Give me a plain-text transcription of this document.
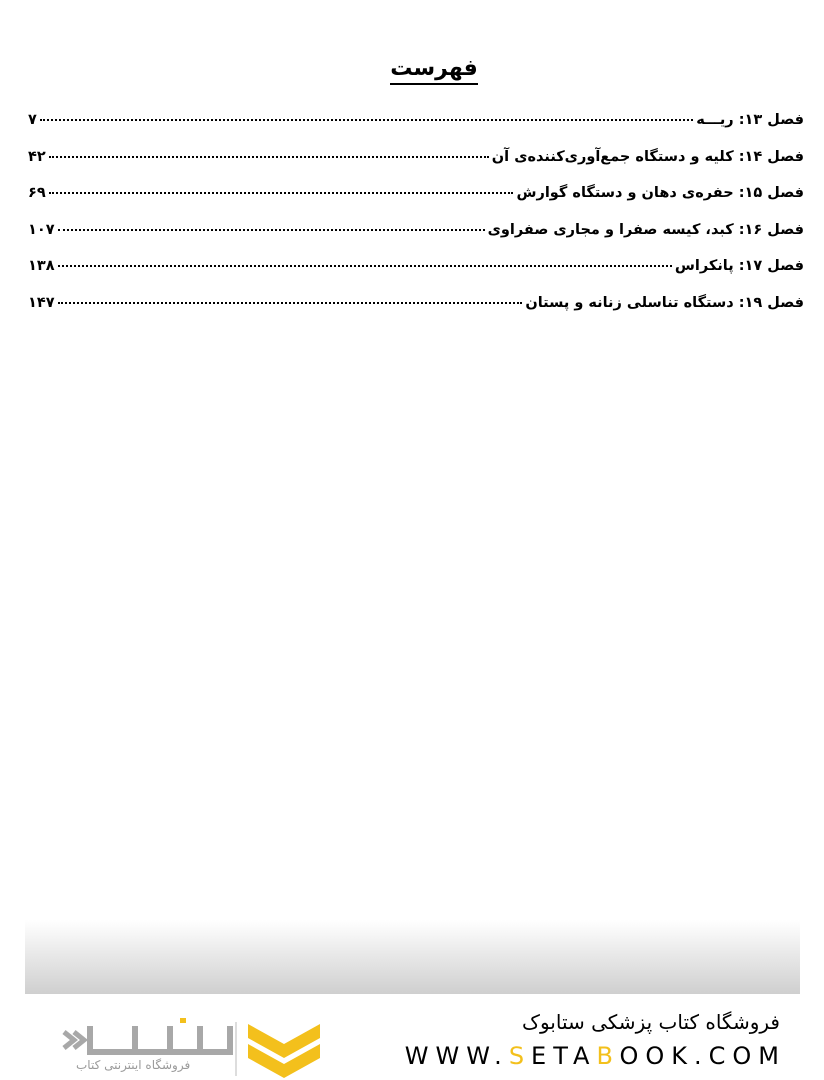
فهرست
فصل ۱۳: ریـــه
۷
فصل ۱۴: کلیه و دستگاه جمع‌آوری‌کننده‌ی آن
۴۲
فصل ۱۵: حفره‌ی دهان و دستگاه گوارش
۶۹
فصل ۱۶: کبد، کیسه صفرا و مجاری صفراوی
۱۰۷
فصل ۱۷: پانکراس
۱۳۸
فصل ۱۹: دستگاه تناسلی زنانه و پستان
۱۴۷
فروشگاه کتاب پزشکی ستابوک
WWW.SETABOOK.COM
فروشگاه اینترنتی کتاب
